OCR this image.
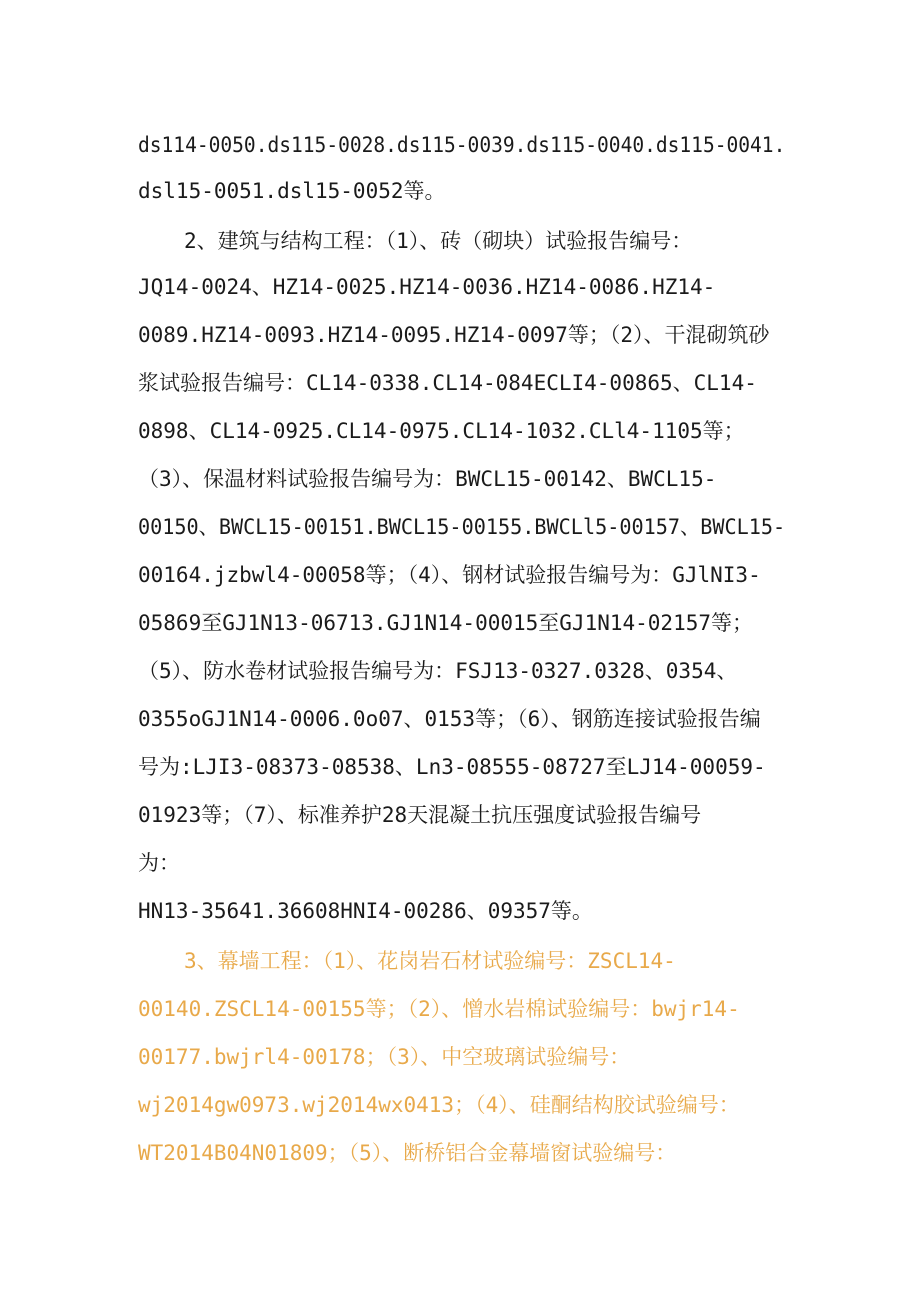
ds114-0050.ds115-0028.ds115-0039.ds115-0040.ds115-0041.
dsl15-0051.dsl15-0052等。
2、建筑与结构工程：（1）、砖（砌块）试验报告编号：
JQ14-0024、HZ14-0025.HZ14-0036.HZ14-0086.HZ14-
0089.HZ14-0093.HZ14-0095.HZ14-0097等；（2）、干混砌筑砂
浆试验报告编号：CL14-0338.CL14-084ECLI4-00865、CL14-
0898、CL14-0925.CL14-0975.CL14-1032.CLl4-1105等；
（3）、保温材料试验报告编号为：BWCL15-00142、BWCL15-
00150、BWCL15-00151.BWCL15-00155.BWCLl5-00157、BWCL15-
00164.jzbwl4-00058等；（4）、钢材试验报告编号为：GJlNI3-
05869至GJ1N13-06713.GJ1N14-00015至GJ1N14-02157等；
（5）、防水卷材试验报告编号为：FSJ13-0327.0328、0354、
0355oGJ1N14-0006.0o07、0153等；（6）、钢筋连接试验报告编
号为:LJI3-08373-08538、Ln3-08555-08727至LJ14-00059-
01923等；（7）、标准养护28天混凝土抗压强度试验报告编号
为：
HN13-35641.36608HNI4-00286、09357等。
3、幕墙工程：（1）、花岗岩石材试验编号：ZSCL14-
00140.ZSCL14-00155等；（2）、憎水岩棉试验编号：bwjr14-
00177.bwjrl4-00178；（3）、中空玻璃试验编号：
wj2014gw0973.wj2014wx0413；（4）、硅酮结构胶试验编号：
WT2014B04N01809；（5）、断桥铝合金幕墙窗试验编号：
